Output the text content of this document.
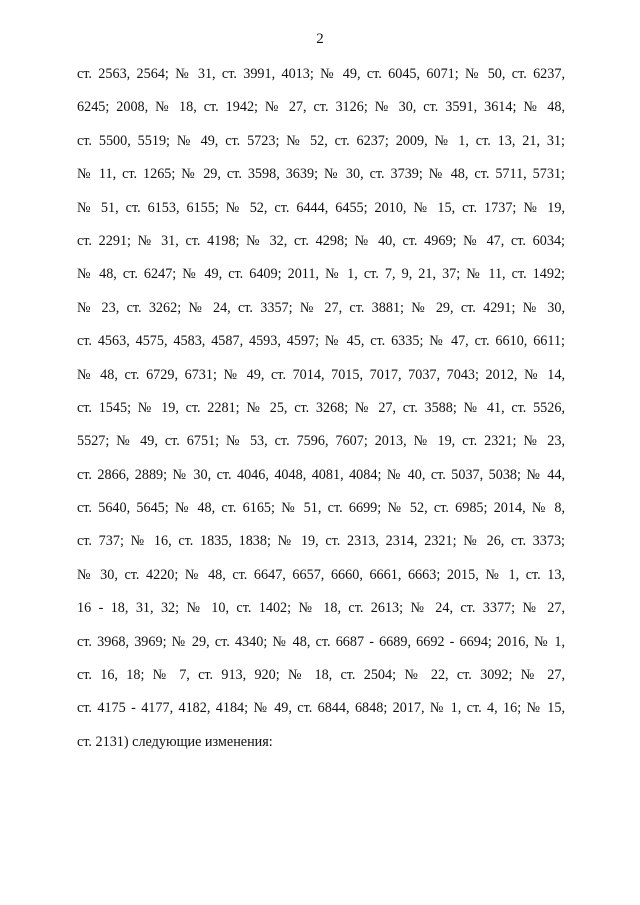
2
ст. 2563, 2564; № 31, ст. 3991, 4013; № 49, ст. 6045, 6071; № 50, ст. 6237,
6245; 2008, № 18, ст. 1942; № 27, ст. 3126; № 30, ст. 3591, 3614; № 48,
ст. 5500, 5519; № 49, ст. 5723; № 52, ст. 6237; 2009, № 1, ст. 13, 21, 31;
№ 11, ст. 1265; № 29, ст. 3598, 3639; № 30, ст. 3739; № 48, ст. 5711, 5731;
№ 51, ст. 6153, 6155; № 52, ст. 6444, 6455; 2010, № 15, ст. 1737; № 19,
ст. 2291; № 31, ст. 4198; № 32, ст. 4298; № 40, ст. 4969; № 47, ст. 6034;
№ 48, ст. 6247; № 49, ст. 6409; 2011, № 1, ст. 7, 9, 21, 37; № 11, ст. 1492;
№ 23, ст. 3262; № 24, ст. 3357; № 27, ст. 3881; № 29, ст. 4291; № 30,
ст. 4563, 4575, 4583, 4587, 4593, 4597; № 45, ст. 6335; № 47, ст. 6610, 6611;
№ 48, ст. 6729, 6731; № 49, ст. 7014, 7015, 7017, 7037, 7043; 2012, № 14,
ст. 1545; № 19, ст. 2281; № 25, ст. 3268; № 27, ст. 3588; № 41, ст. 5526,
5527; № 49, ст. 6751; № 53, ст. 7596, 7607; 2013, № 19, ст. 2321; № 23,
ст. 2866, 2889; № 30, ст. 4046, 4048, 4081, 4084; № 40, ст. 5037, 5038; № 44,
ст. 5640, 5645; № 48, ст. 6165; № 51, ст. 6699; № 52, ст. 6985; 2014, № 8,
ст. 737; № 16, ст. 1835, 1838; № 19, ст. 2313, 2314, 2321; № 26, ст. 3373;
№ 30, ст. 4220; № 48, ст. 6647, 6657, 6660, 6661, 6663; 2015, № 1, ст. 13,
16 - 18, 31, 32; № 10, ст. 1402; № 18, ст. 2613; № 24, ст. 3377; № 27,
ст. 3968, 3969; № 29, ст. 4340; № 48, ст. 6687 - 6689, 6692 - 6694; 2016, № 1,
ст. 16, 18; № 7, ст. 913, 920; № 18, ст. 2504; № 22, ст. 3092; № 27,
ст. 4175 - 4177, 4182, 4184; № 49, ст. 6844, 6848; 2017, № 1, ст. 4, 16; № 15,
ст. 2131) следующие изменения:
